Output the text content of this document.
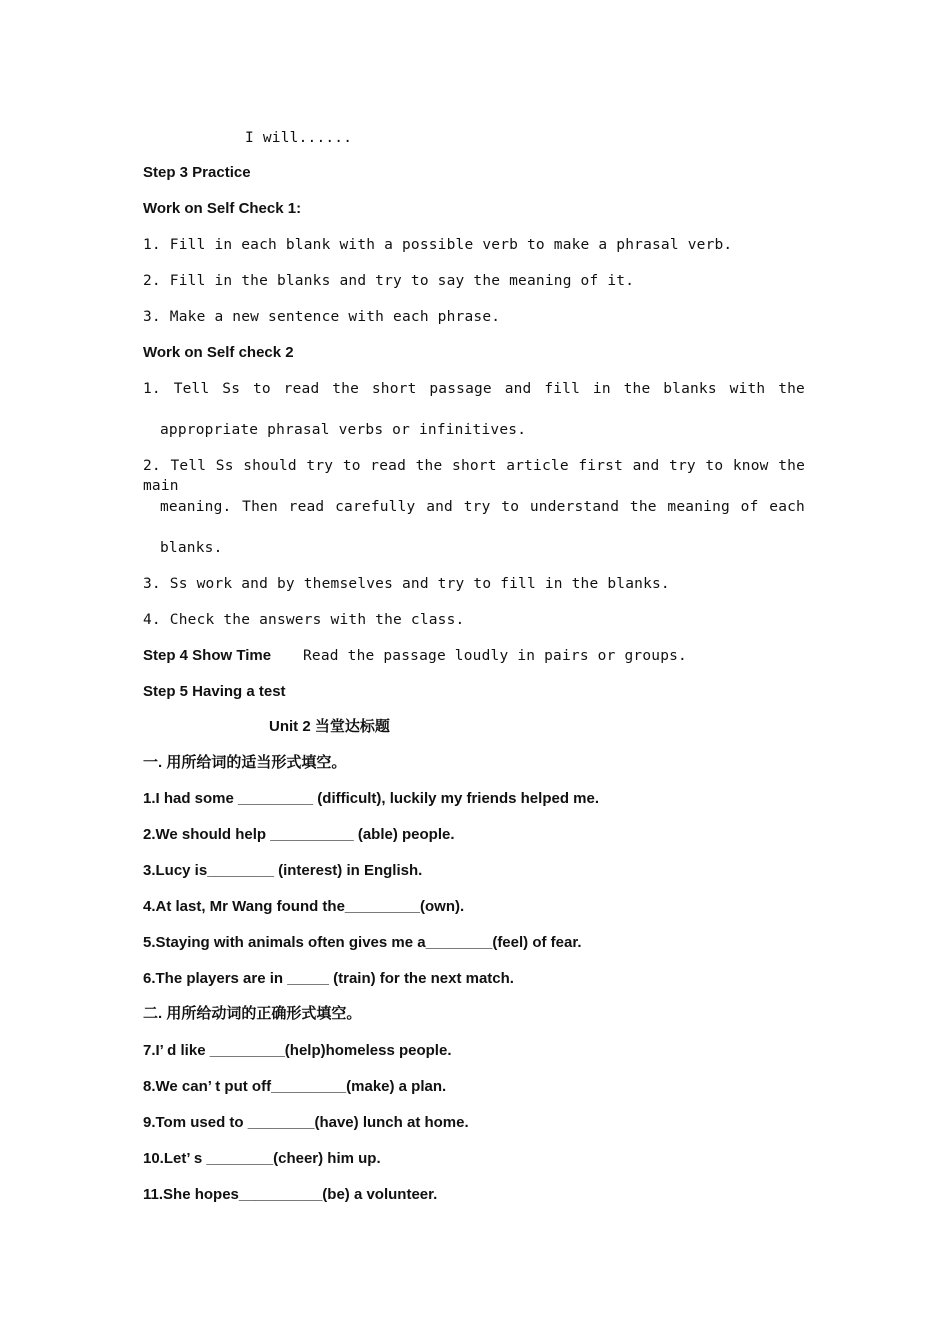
I will......
Step 3 Practice
Work on Self Check 1:
1. Fill in each blank with a possible verb to make a phrasal verb.
2. Fill in the blanks and try to say the meaning of it.
3. Make a new sentence with each phrase.
Work on Self check 2
1. Tell Ss to read the short passage and fill in the blanks with the
appropriate phrasal verbs or infinitives.
2. Tell Ss should try to read the short article first and try to know the main
meaning. Then read carefully and try to understand the meaning of each
blanks.
3. Ss work and by themselves and try to fill in the blanks.
4. Check the answers with the class.
Step 4 Show Time Read the passage loudly in pairs or groups.
Step 5 Having a test
Unit 2 当堂达标题
一. 用所给词的适当形式填空。
1.I had some _________ (difficult), luckily my friends helped me.
2.We should help __________ (able) people.
3.Lucy is________ (interest) in English.
4.At last, Mr Wang found the_________(own).
5.Staying with animals often gives me a________(feel) of fear.
6.The players are in _____ (train) for the next match.
二. 用所给动词的正确形式填空。
7.I’ d like _________(help)homeless people.
8.We can’ t put off_________(make) a plan.
9.Tom used to ________(have) lunch at home.
10.Let’ s ________(cheer) him up.
11.She hopes__________(be) a volunteer.
